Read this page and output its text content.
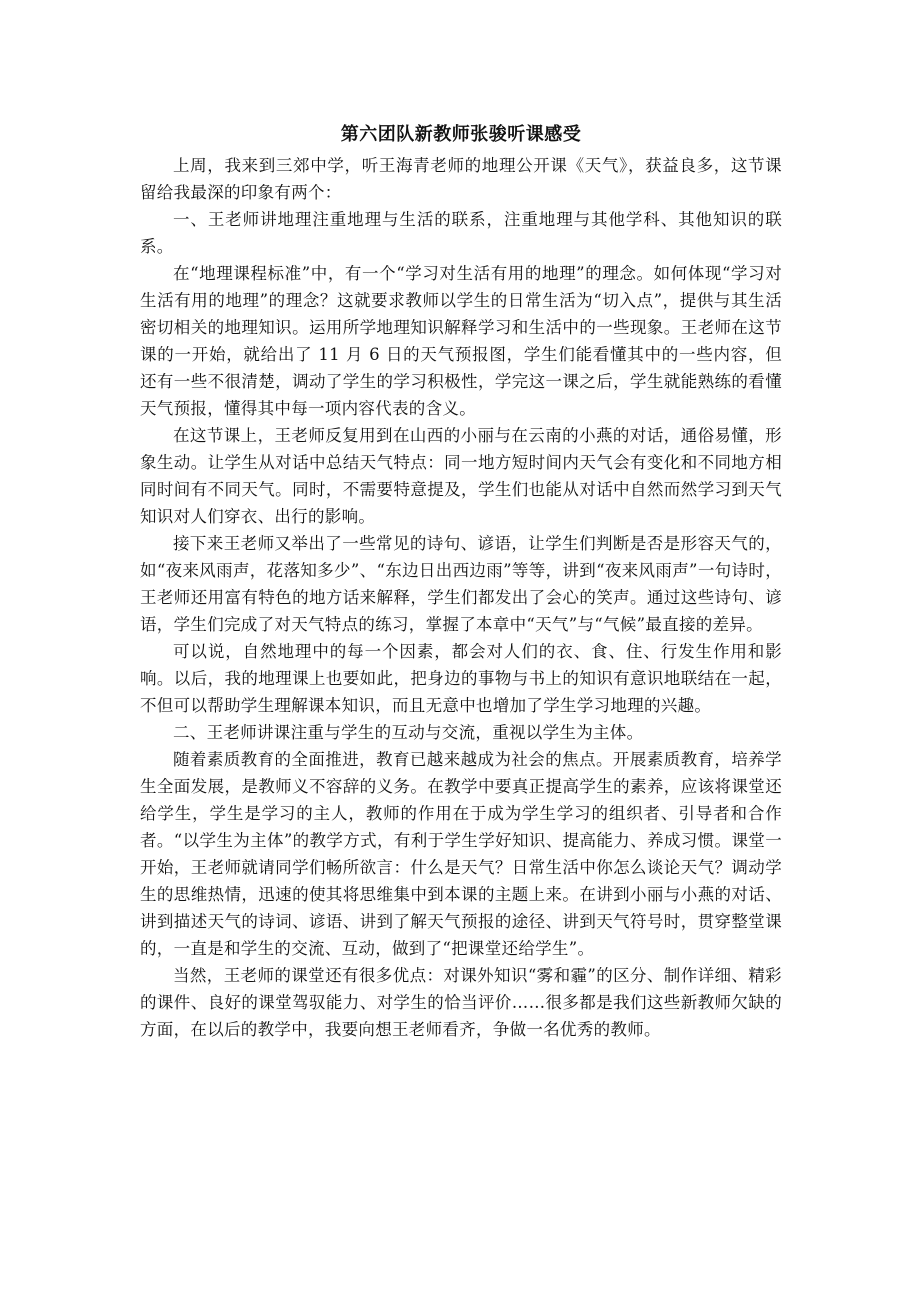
第六团队新教师张骏听课感受

上周，我来到三郊中学，听王海青老师的地理公开课《天气》，获益良多，这节课留给我最深的印象有两个：

一、王老师讲地理注重地理与生活的联系，注重地理与其他学科、其他知识的联系。

在“地理课程标准”中，有一个“学习对生活有用的地理”的理念。如何体现“学习对生活有用的地理”的理念？这就要求教师以学生的日常生活为“切入点”，提供与其生活密切相关的地理知识。运用所学地理知识解释学习和生活中的一些现象。王老师在这节课的一开始，就给出了 11 月 6 日的天气预报图，学生们能看懂其中的一些内容，但还有一些不很清楚，调动了学生的学习积极性，学完这一课之后，学生就能熟练的看懂天气预报，懂得其中每一项内容代表的含义。

在这节课上，王老师反复用到在山西的小丽与在云南的小燕的对话，通俗易懂，形象生动。让学生从对话中总结天气特点：同一地方短时间内天气会有变化和不同地方相同时间有不同天气。同时，不需要特意提及，学生们也能从对话中自然而然学习到天气知识对人们穿衣、出行的影响。

接下来王老师又举出了一些常见的诗句、谚语，让学生们判断是否是形容天气的，如“夜来风雨声，花落知多少”、“东边日出西边雨”等等，讲到“夜来风雨声”一句诗时，王老师还用富有特色的地方话来解释，学生们都发出了会心的笑声。通过这些诗句、谚语，学生们完成了对天气特点的练习，掌握了本章中“天气”与“气候”最直接的差异。

可以说，自然地理中的每一个因素，都会对人们的衣、食、住、行发生作用和影响。以后，我的地理课上也要如此，把身边的事物与书上的知识有意识地联结在一起，不但可以帮助学生理解课本知识，而且无意中也增加了学生学习地理的兴趣。

二、王老师讲课注重与学生的互动与交流，重视以学生为主体。

随着素质教育的全面推进，教育已越来越成为社会的焦点。开展素质教育，培养学生全面发展，是教师义不容辞的义务。在教学中要真正提高学生的素养，应该将课堂还给学生，学生是学习的主人，教师的作用在于成为学生学习的组织者、引导者和合作者。“以学生为主体”的教学方式，有利于学生学好知识、提高能力、养成习惯。课堂一开始，王老师就请同学们畅所欲言：什么是天气？日常生活中你怎么谈论天气？调动学生的思维热情，迅速的使其将思维集中到本课的主题上来。在讲到小丽与小燕的对话、讲到描述天气的诗词、谚语、讲到了解天气预报的途径、讲到天气符号时，贯穿整堂课的，一直是和学生的交流、互动，做到了“把课堂还给学生”。

当然，王老师的课堂还有很多优点：对课外知识“雾和霾”的区分、制作详细、精彩的课件、良好的课堂驾驭能力、对学生的恰当评价……很多都是我们这些新教师欠缺的方面，在以后的教学中，我要向想王老师看齐，争做一名优秀的教师。
